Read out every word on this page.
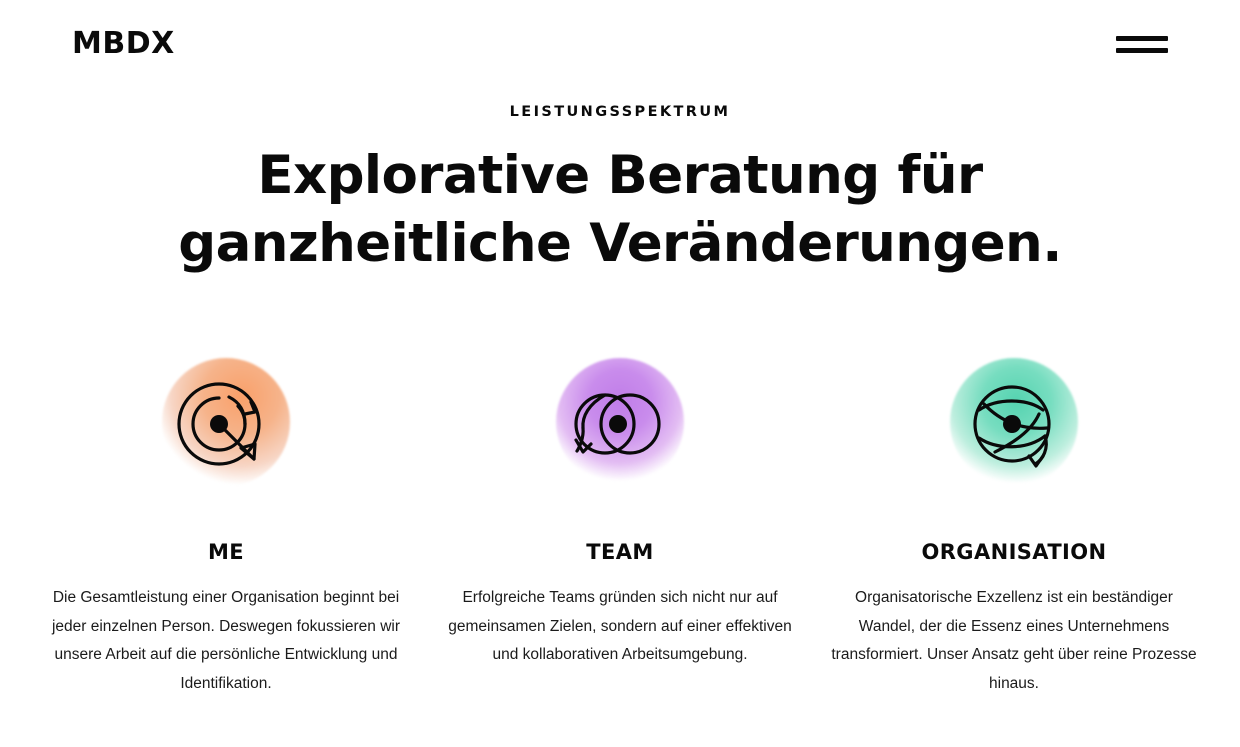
MBDX
LEISTUNGSSPEKTRUM
Explorative Beratung für ganzheitliche Veränderungen.
ME

Die Gesamtleistung einer Organisation beginnt bei jeder einzelnen Person. Deswegen fokussieren wir unsere Arbeit auf die persönliche Entwicklung und Identifikation.

TEAM

Erfolgreiche Teams gründen sich nicht nur auf gemeinsamen Zielen, sondern auf einer effektiven und kollaborativen Arbeitsumgebung.

ORGANISATION

Organisatorische Exzellenz ist ein beständiger Wandel, der die Essenz eines Unternehmens transformiert. Unser Ansatz geht über reine Prozesse hinaus.
